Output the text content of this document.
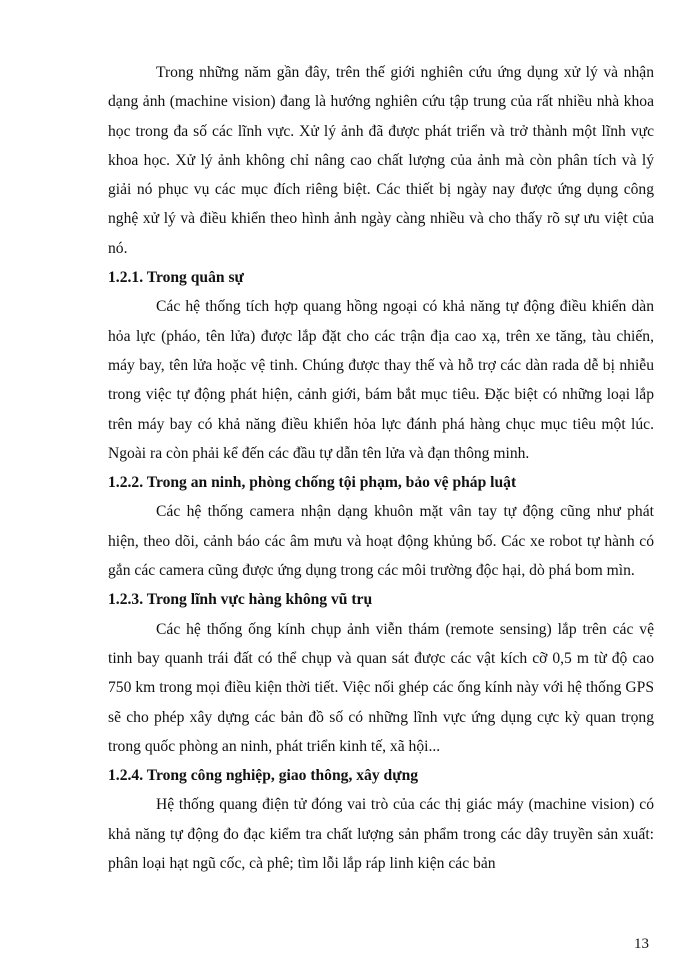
Trong những năm gần đây, trên thế giới nghiên cứu ứng dụng xử lý và nhận dạng ảnh (machine vision) đang là hướng nghiên cứu tập trung của rất nhiều nhà khoa học trong đa số các lĩnh vực. Xử lý ảnh đã được phát triển và trở thành một lĩnh vực khoa học. Xử lý ảnh không chỉ nâng cao chất lượng của ảnh mà còn phân tích và lý giải nó phục vụ các mục đích riêng biệt. Các thiết bị ngày nay được ứng dụng công nghệ xử lý và điều khiển theo hình ảnh ngày càng nhiều và cho thấy rõ sự ưu việt của nó.

1.2.1. Trong quân sự

Các hệ thống tích hợp quang hồng ngoại có khả năng tự động điều khiển dàn hỏa lực (pháo, tên lửa) được lắp đặt cho các trận địa cao xạ, trên xe tăng, tàu chiến, máy bay, tên lửa hoặc vệ tinh. Chúng được thay thế và hỗ trợ các dàn rada dễ bị nhiễu trong việc tự động phát hiện, cảnh giới, bám bắt mục tiêu. Đặc biệt có những loại lắp trên máy bay có khả năng điều khiển hỏa lực đánh phá hàng chục mục tiêu một lúc. Ngoài ra còn phải kể đến các đầu tự dẫn tên lửa và đạn thông minh.

1.2.2. Trong an ninh, phòng chống tội phạm, bảo vệ pháp luật

Các hệ thống camera nhận dạng khuôn mặt vân tay tự động cũng như phát hiện, theo dõi, cảnh báo các âm mưu và hoạt động khủng bố. Các xe robot tự hành có gắn các camera cũng được ứng dụng trong các môi trường độc hại, dò phá bom mìn.

1.2.3. Trong lĩnh vực hàng không vũ trụ

Các hệ thống ống kính chụp ảnh viễn thám (remote sensing) lắp trên các vệ tinh bay quanh trái đất có thể chụp và quan sát được các vật kích cỡ 0,5 m từ độ cao 750 km trong mọi điều kiện thời tiết. Việc nối ghép các ống kính này với hệ thống GPS sẽ cho phép xây dựng các bản đồ số có những lĩnh vực ứng dụng cực kỳ quan trọng trong quốc phòng an ninh, phát triển kinh tế, xã hội...

1.2.4. Trong công nghiệp, giao thông, xây dựng

Hệ thống quang điện tử đóng vai trò của các thị giác máy (machine vision) có khả năng tự động đo đạc kiểm tra chất lượng sản phẩm trong các dây truyền sản xuất: phân loại hạt ngũ cốc, cà phê; tìm lỗi lắp ráp linh kiện các bản

13
